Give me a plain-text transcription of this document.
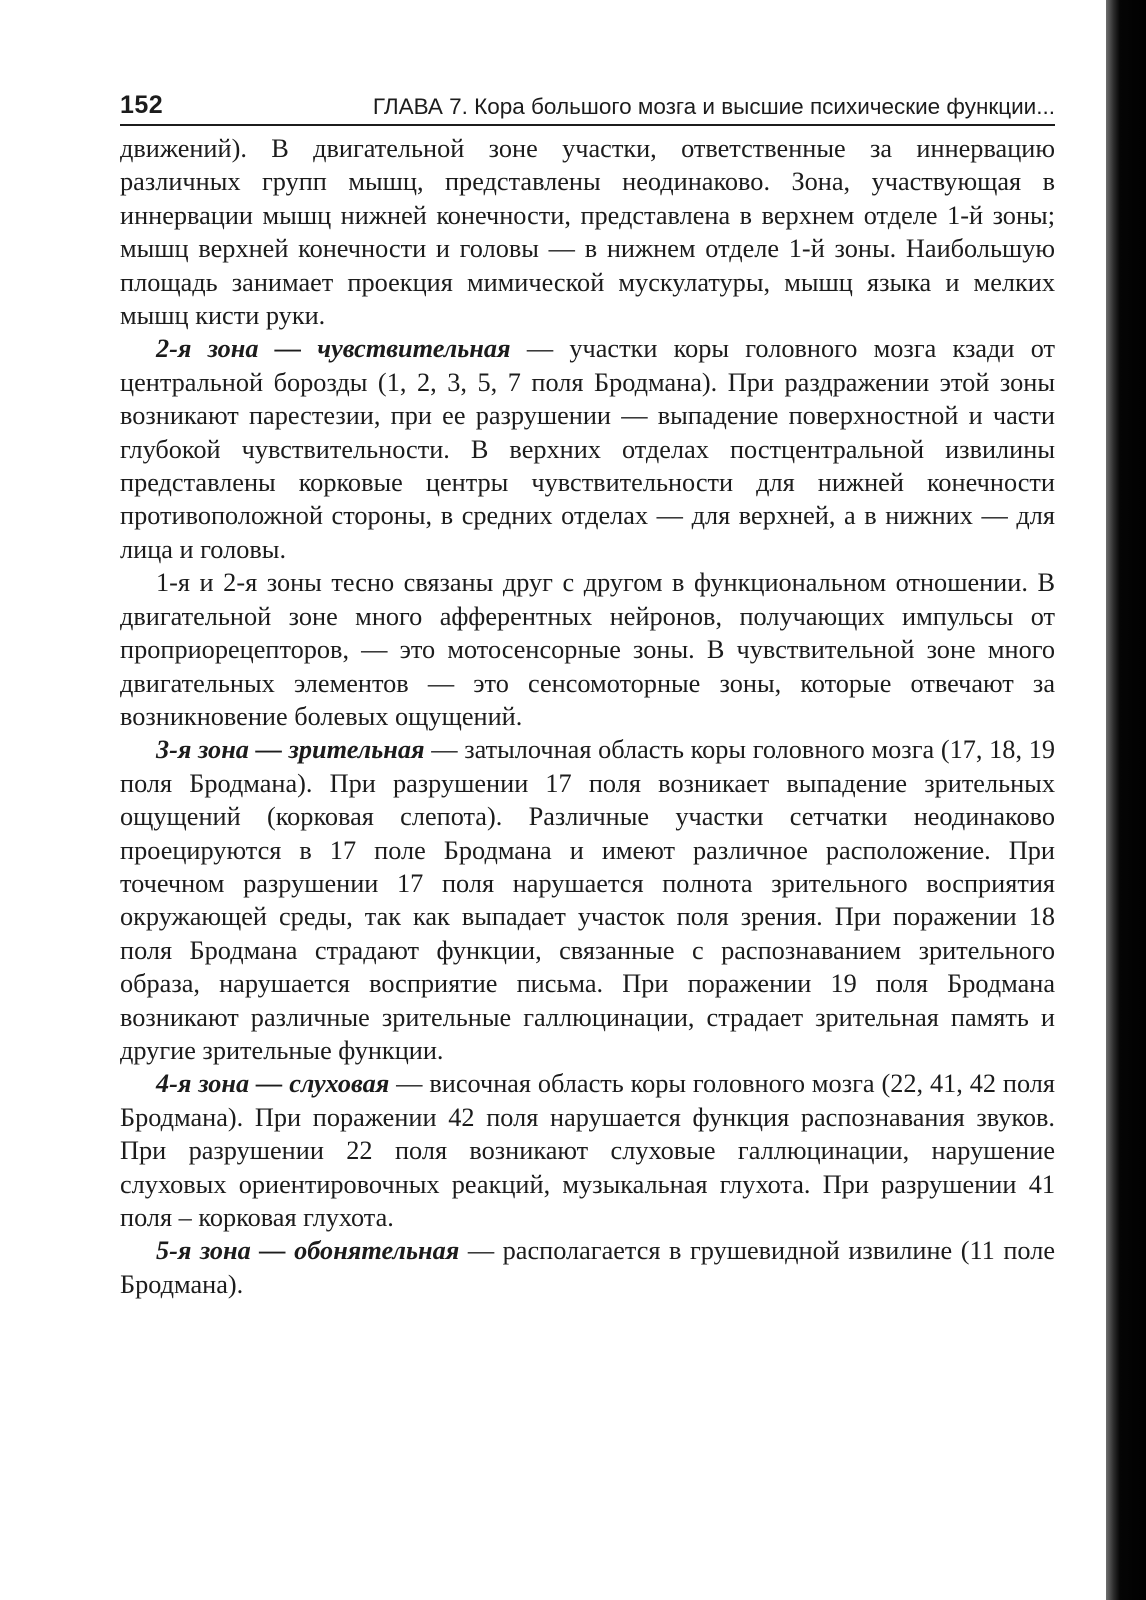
152	ГЛАВА 7. Кора большого мозга и высшие психические функции...

движений). В двигательной зоне участки, ответственные за иннервацию различных групп мышц, представлены неодинаково. Зона, участвующая в иннервации мышц нижней конечности, представлена в верхнем отделе 1-й зоны; мышц верхней конечности и головы — в нижнем отделе 1-й зоны. Наибольшую площадь занимает проекция мимической мускулатуры, мышц языка и мелких мышц кисти руки.

2-я зона — чувствительная — участки коры головного мозга кзади от центральной борозды (1, 2, 3, 5, 7 поля Бродмана). При раздражении этой зоны возникают парестезии, при ее разрушении — выпадение поверхностной и части глубокой чувствительности. В верхних отделах постцентральной извилины представлены корковые центры чувствительности для нижней конечности противоположной стороны, в средних отделах — для верхней, а в нижних — для лица и головы.

1-я и 2-я зоны тесно связаны друг с другом в функциональном отношении. В двигательной зоне много афферентных нейронов, получающих импульсы от проприорецепторов, — это мотосенсорные зоны. В чувствительной зоне много двигательных элементов — это сенсомоторные зоны, которые отвечают за возникновение болевых ощущений.

3-я зона — зрительная — затылочная область коры головного мозга (17, 18, 19 поля Бродмана). При разрушении 17 поля возникает выпадение зрительных ощущений (корковая слепота). Различные участки сетчатки неодинаково проецируются в 17 поле Бродмана и имеют различное расположение. При точечном разрушении 17 поля нарушается полнота зрительного восприятия окружающей среды, так как выпадает участок поля зрения. При поражении 18 поля Бродмана страдают функции, связанные с распознаванием зрительного образа, нарушается восприятие письма. При поражении 19 поля Бродмана возникают различные зрительные галлюцинации, страдает зрительная память и другие зрительные функции.

4-я зона — слуховая — височная область коры головного мозга (22, 41, 42 поля Бродмана). При поражении 42 поля нарушается функция распознавания звуков. При разрушении 22 поля возникают слуховые галлюцинации, нарушение слуховых ориентировочных реакций, музыкальная глухота. При разрушении 41 поля – корковая глухота.

5-я зона — обонятельная — располагается в грушевидной извилине (11 поле Бродмана).
